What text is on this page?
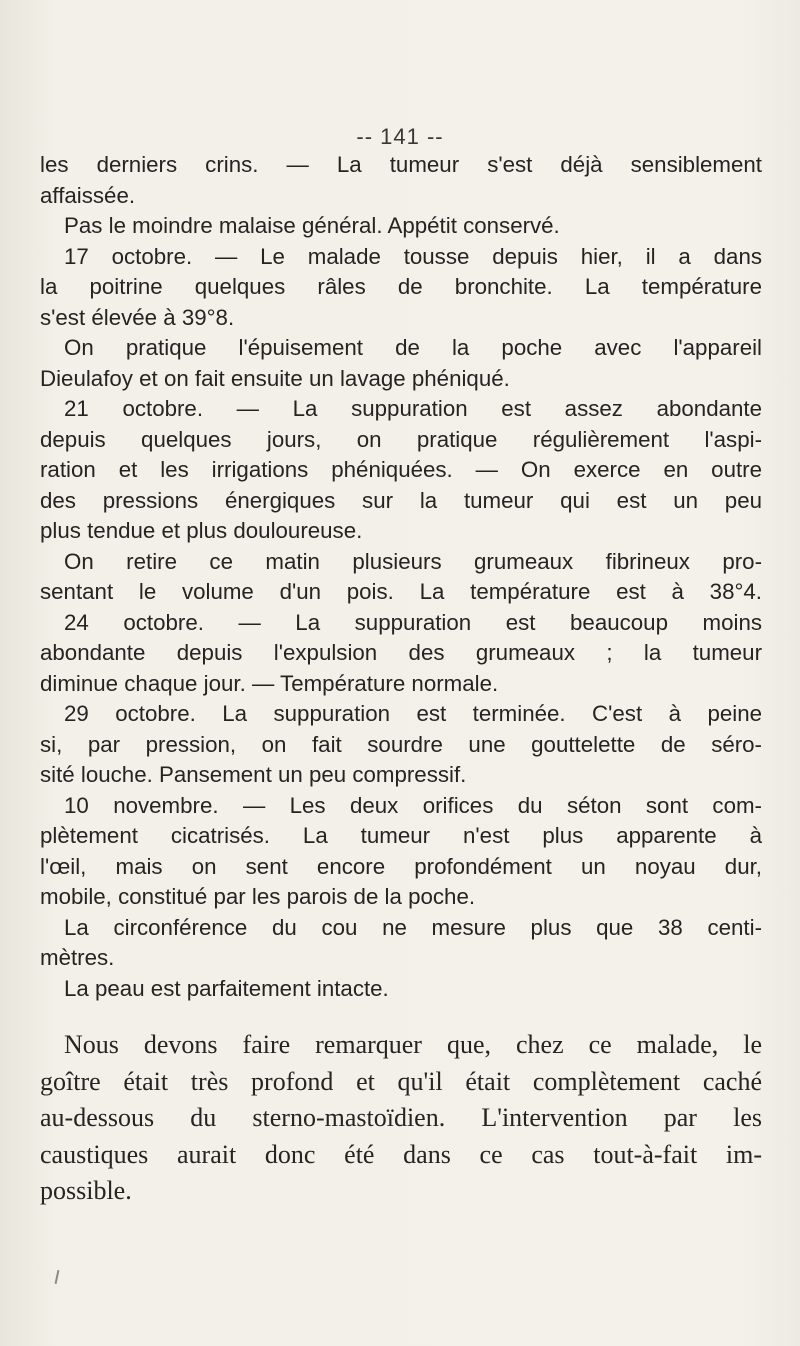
-- 141 --
les derniers crins. — La tumeur s'est déjà sensiblement
affaissée.
Pas le moindre malaise général. Appétit conservé.
17 octobre. — Le malade tousse depuis hier, il a dans
la poitrine quelques râles de bronchite. La température
s'est élevée à 39°8.
On pratique l'épuisement de la poche avec l'appareil
Dieulafoy et on fait ensuite un lavage phéniqué.
21 octobre. — La suppuration est assez abondante
depuis quelques jours, on pratique régulièrement l'aspi-
ration et les irrigations phéniquées. — On exerce en outre
des pressions énergiques sur la tumeur qui est un peu
plus tendue et plus douloureuse.
On retire ce matin plusieurs grumeaux fibrineux pro-
sentant le volume d'un pois. La température est à 38°4.
24 octobre. — La suppuration est beaucoup moins
abondante depuis l'expulsion des grumeaux ; la tumeur
diminue chaque jour. — Température normale.
29 octobre. La suppuration est terminée. C'est à peine
si, par pression, on fait sourdre une gouttelette de séro-
sité louche. Pansement un peu compressif.
10 novembre. — Les deux orifices du séton sont com-
plètement cicatrisés. La tumeur n'est plus apparente à
l'œil, mais on sent encore profondément un noyau dur,
mobile, constitué par les parois de la poche.
La circonférence du cou ne mesure plus que 38 centi-
mètres.
La peau est parfaitement intacte.
Nous devons faire remarquer que, chez ce malade, le
goître était très profond et qu'il était complètement caché
au-dessous du sterno-mastoïdien. L'intervention par les
caustiques aurait donc été dans ce cas tout-à-fait im-
possible.
